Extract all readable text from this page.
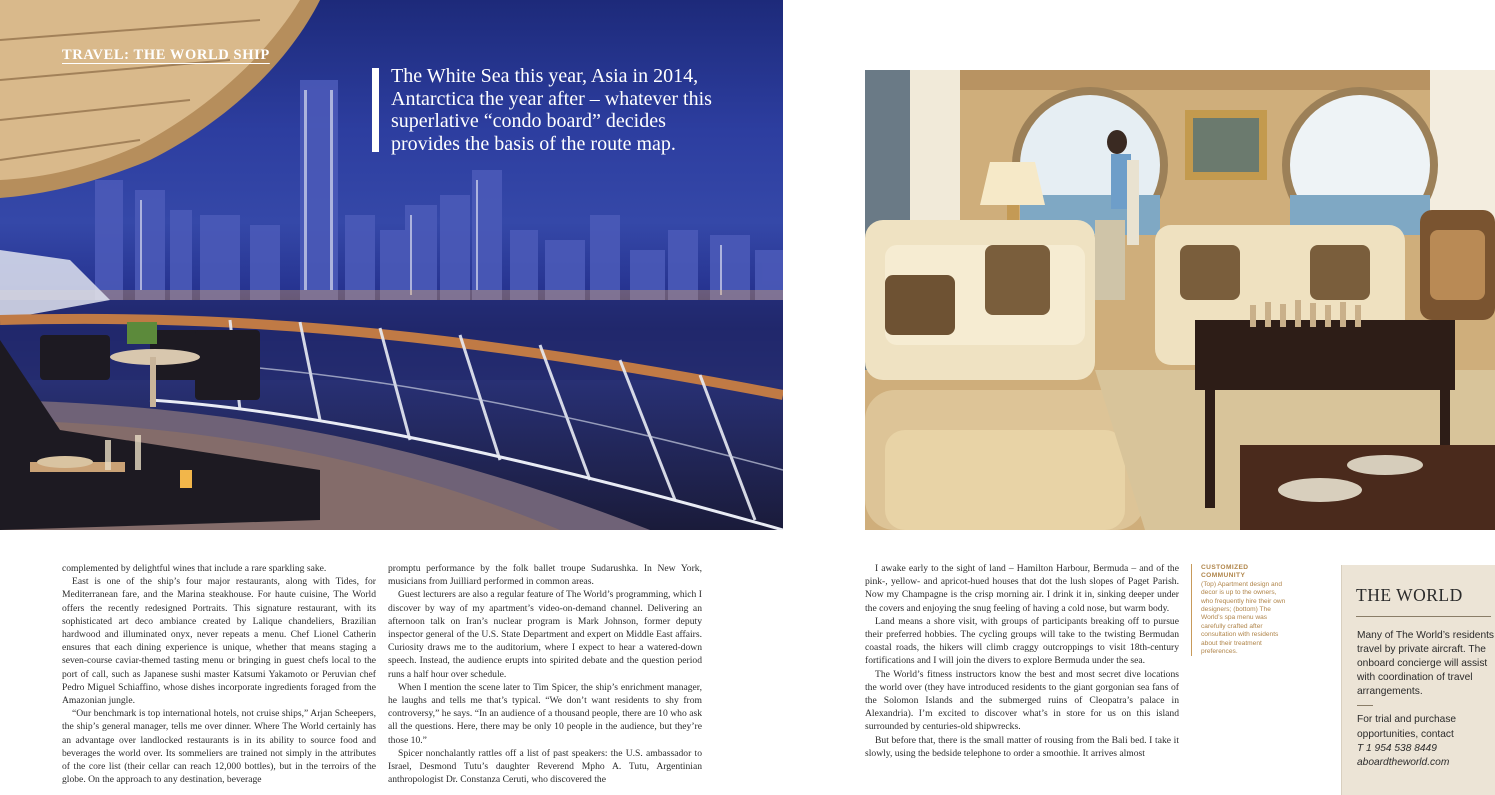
TRAVEL: THE WORLD SHIP
The White Sea this year, Asia in 2014, Antarctica the year after – whatever this superlative “condo board” decides provides the basis of the route map.

complemented by delightful wines that include a rare sparkling sake.

East is one of the ship’s four major restaurants, along with Tides, for Mediterranean fare, and the Marina steakhouse. For haute cuisine, The World offers the recently redesigned Portraits. This signature restaurant, with its sophisticated art deco ambiance created by Lalique chandeliers, Brazilian hardwood and illuminated onyx, never repeats a menu. Chef Lionel Catherin ensures that each dining experience is unique, whether that means staging a seven-course caviar-themed tasting menu or bringing in guest chefs local to the port of call, such as Japanese sushi master Katsumi Yakamoto or Peruvian chef Pedro Miguel Schiaffino, whose dishes incorporate ingredients foraged from the Amazonian jungle.

“Our benchmark is top international hotels, not cruise ships,” Arjan Scheepers, the ship’s general manager, tells me over dinner. Where The World certainly has an advantage over landlocked restaurants is in its ability to source food and beverages the world over. Its sommeliers are trained not simply in the attributes of the core list (their cellar can reach 12,000 bottles), but in the terroirs of the globe. On the approach to any destination, beverage

promptu performance by the folk ballet troupe Sudarushka. In New York, musicians from Juilliard performed in common areas.

Guest lecturers are also a regular feature of The World’s programming, which I discover by way of my apartment’s video-on-demand channel. Delivering an afternoon talk on Iran’s nuclear program is Mark Johnson, former deputy inspector general of the U.S. State Department and expert on Middle East affairs. Curiosity draws me to the auditorium, where I expect to hear a watered-down speech. Instead, the audience erupts into spirited debate and the question period runs a half hour over schedule.

When I mention the scene later to Tim Spicer, the ship’s enrichment manager, he laughs and tells me that’s typical. “We don’t want residents to shy from controversy,” he says. “In an audience of a thousand people, there are 10 who ask all the questions. Here, there may be only 10 people in the audience, but they’re those 10.”

Spicer nonchalantly rattles off a list of past speakers: the U.S. ambassador to Israel, Desmond Tutu’s daughter Reverend Mpho A. Tutu, Argentinian anthropologist Dr. Constanza Ceruti, who discovered the

I awake early to the sight of land – Hamilton Harbour, Bermuda – and of the pink-, yellow- and apricot-hued houses that dot the lush slopes of Paget Parish. Now my Champagne is the crisp morning air. I drink it in, sinking deeper under the covers and enjoying the snug feeling of having a cold nose, but warm body.

Land means a shore visit, with groups of participants breaking off to pursue their preferred hobbies. The cycling groups will take to the twisting Bermudan coastal roads, the hikers will climb craggy outcroppings to visit 18th-century fortifications and I will join the divers to explore Bermuda under the sea.

The World’s fitness instructors know the best and most secret dive locations the world over (they have introduced residents to the giant gorgonian sea fans of the Solomon Islands and the submerged ruins of Cleopatra’s palace in Alexandria). I’m excited to discover what’s in store for us on this island surrounded by centuries-old shipwrecks.

But before that, there is the small matter of rousing from the Bali bed. I take it slowly, using the bedside telephone to order a smoothie. It arrives almost

CUSTOMIZED COMMUNITY
(Top) Apartment design and decor is up to the owners, who frequently hire their own designers; (bottom) The World’s spa menu was carefully crafted after consultation with residents about their treatment preferences.
THE WORLD
Many of The World’s residents travel by private aircraft. The onboard concierge will assist with coordination of travel arrangements.
For trial and purchase opportunities, contact
T 1 954 538 8449
aboardtheworld.com
